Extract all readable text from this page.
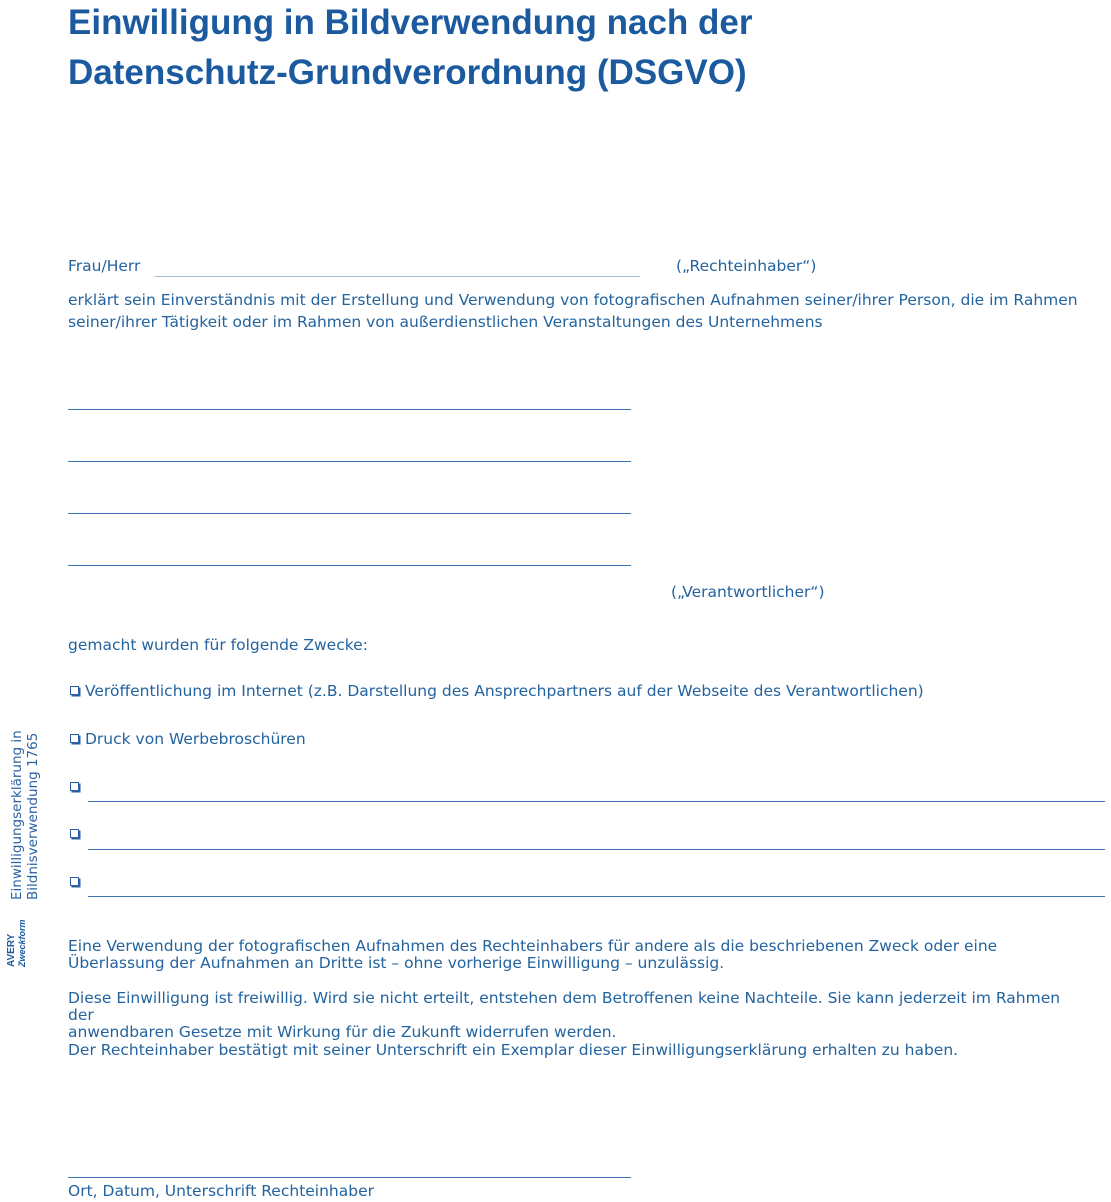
Einwilligung in Bildverwendung nach der
Datenschutz-Grundverordnung (DSGVO)
Frau/Herr	(„Rechteinhaber“)
erklärt sein Einverständnis mit der Erstellung und Verwendung von fotografischen Aufnahmen seiner/ihrer Person, die im Rahmen
seiner/ihrer Tätigkeit oder im Rahmen von außerdienstlichen Veranstaltungen des Unternehmens
(„Verantwortlicher“)
gemacht wurden für folgende Zwecke:
Veröffentlichung im Internet (z.B. Darstellung des Ansprechpartners auf der Webseite des Verantwortlichen)
Druck von Werbebroschüren
Eine Verwendung der fotografischen Aufnahmen des Rechteinhabers für andere als die beschriebenen Zweck oder eine
Überlassung der Aufnahmen an Dritte ist – ohne vorherige Einwilligung – unzulässig.
Diese Einwilligung ist freiwillig. Wird sie nicht erteilt, entstehen dem Betroffenen keine Nachteile. Sie kann jederzeit im Rahmen der
anwendbaren Gesetze mit Wirkung für die Zukunft widerrufen werden.
Der Rechteinhaber bestätigt mit seiner Unterschrift ein Exemplar dieser Einwilligungserklärung erhalten zu haben.
Ort, Datum, Unterschrift Rechteinhaber
Einwilligungserklärung in Bildnisverwendung 1765
AVERY Zweckform
